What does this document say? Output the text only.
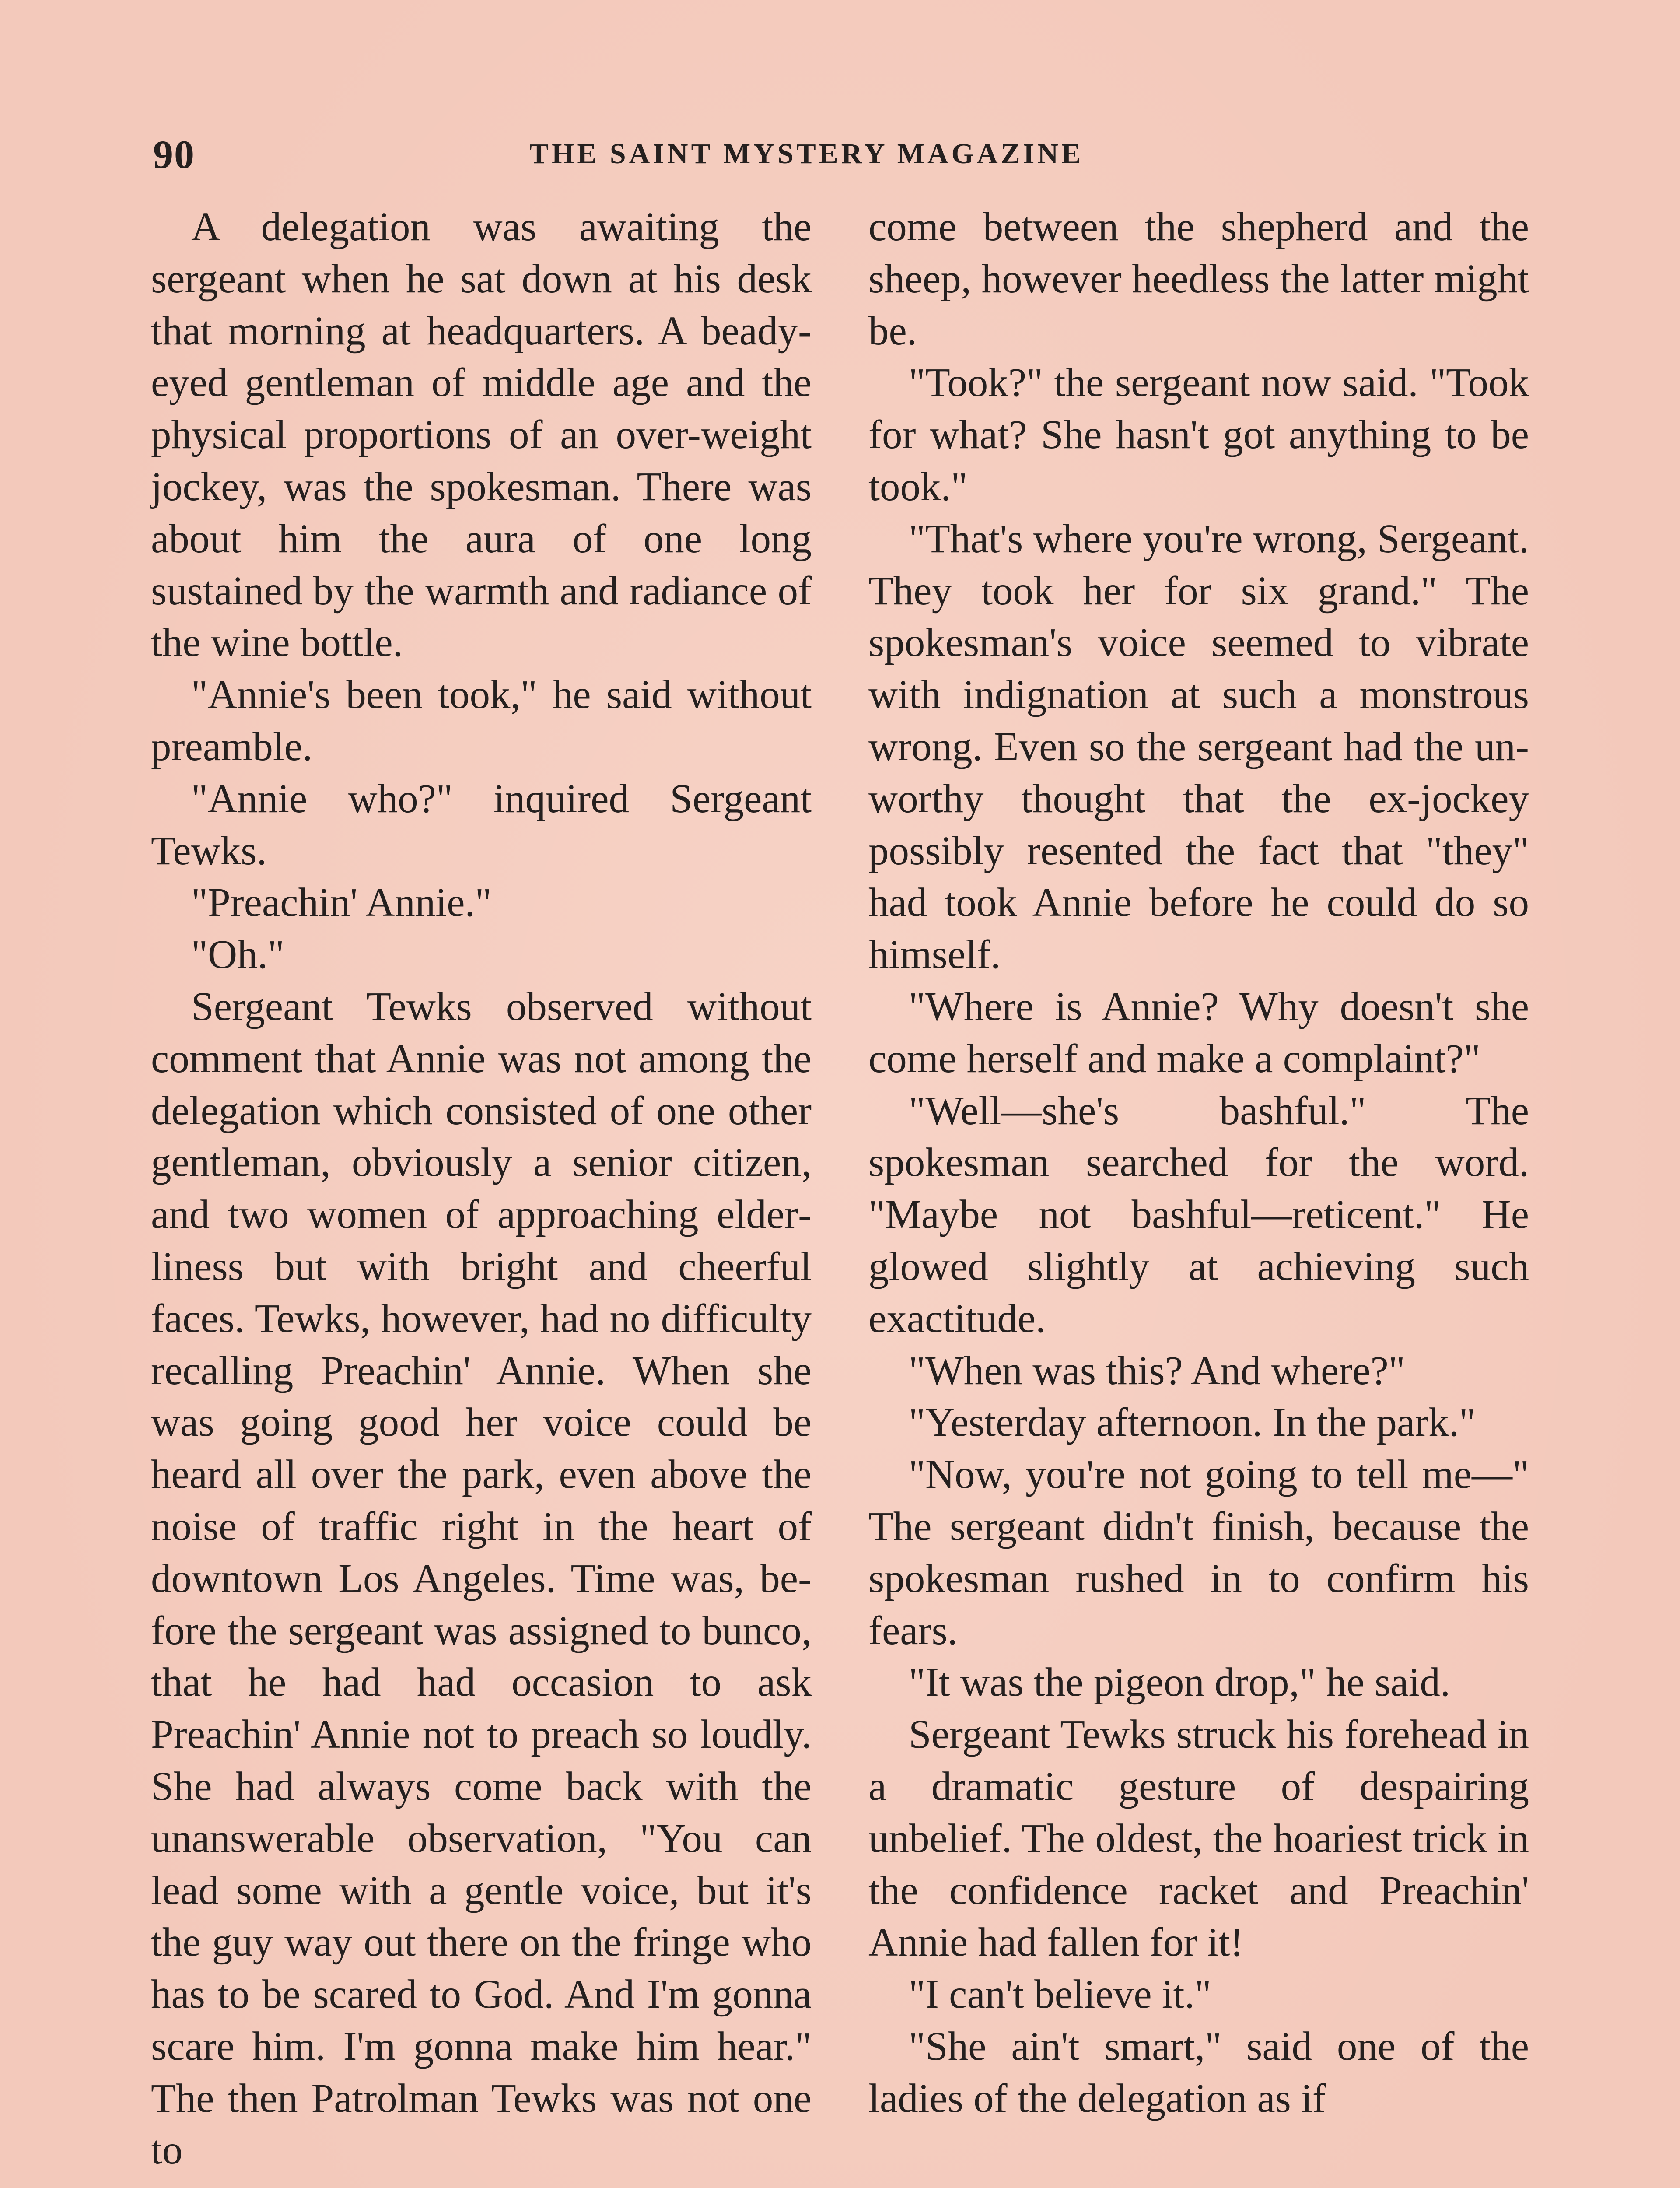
90	THE SAINT MYSTERY MAGAZINE

A delegation was awaiting the sergeant when he sat down at his desk that morning at headquarters. A beady-eyed gentleman of middle age and the physical proportions of an over-weight jockey, was the spokesman. There was about him the aura of one long sustained by the warmth and radiance of the wine bottle.

"Annie's been took," he said without preamble.

"Annie who?" inquired Sergeant Tewks.

"Preachin' Annie."

"Oh."

Sergeant Tewks observed without comment that Annie was not among the delegation which consisted of one other gentleman, obviously a senior citizen, and two women of approaching elderliness but with bright and cheerful faces. Tewks, however, had no difficulty recalling Preachin' Annie. When she was going good her voice could be heard all over the park, even above the noise of traffic right in the heart of downtown Los Angeles. Time was, before the sergeant was assigned to bunco, that he had had occasion to ask Preachin' Annie not to preach so loudly. She had always come back with the unanswerable observation, "You can lead some with a gentle voice, but it's the guy way out there on the fringe who has to be scared to God. And I'm gonna scare him. I'm gonna make him hear." The then Patrolman Tewks was not one to

come between the shepherd and the sheep, however heedless the latter might be.

"Took?" the sergeant now said. "Took for what? She hasn't got anything to be took."

"That's where you're wrong, Sergeant. They took her for six grand." The spokesman's voice seemed to vibrate with indignation at such a monstrous wrong. Even so the sergeant had the unworthy thought that the ex-jockey possibly resented the fact that "they" had took Annie before he could do so himself.

"Where is Annie? Why doesn't she come herself and make a complaint?"

"Well—she's bashful." The spokesman searched for the word. "Maybe not bashful—reticent." He glowed slightly at achieving such exactitude.

"When was this? And where?"

"Yesterday afternoon. In the park."

"Now, you're not going to tell me—" The sergeant didn't finish, because the spokesman rushed in to confirm his fears.

"It was the pigeon drop," he said.

Sergeant Tewks struck his forehead in a dramatic gesture of despairing unbelief. The oldest, the hoariest trick in the confidence racket and Preachin' Annie had fallen for it!

"I can't believe it."

"She ain't smart," said one of the ladies of the delegation as if
